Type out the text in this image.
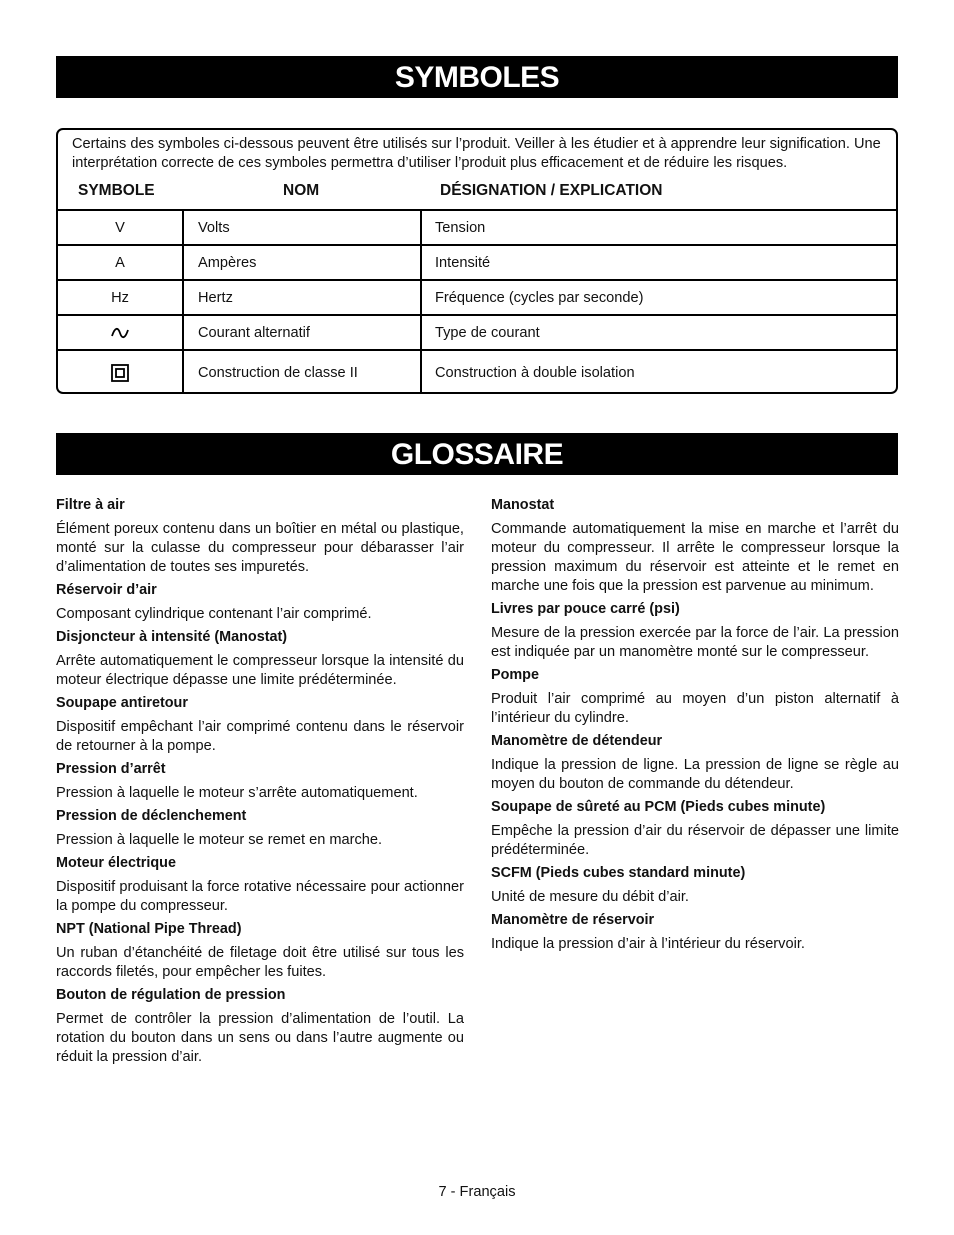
SYMBOLES
Certains des symboles ci-dessous peuvent être utilisés sur l’produit. Veiller à les étudier et à apprendre leur signification. Une interprétation correcte de ces symboles permettra d’utiliser l’produit plus efficacement et de réduire les risques.
SYMBOLE	NOM	DÉSIGNATION / EXPLICATION
V	Volts	Tension
A	Ampères	Intensité
Hz	Hertz	Fréquence (cycles par seconde)
	Courant alternatif	Type de courant
	Construction de classe II	Construction à double isolation
GLOSSAIRE
Filtre à air
Élément poreux contenu dans un boîtier en métal ou plastique, monté sur la culasse du compresseur pour débarasser l’air d’alimentation de toutes ses impuretés.
Réservoir d’air
Composant cylindrique contenant l’air comprimé.
Disjoncteur à intensité (Manostat)
Arrête automatiquement le compresseur lorsque la intensité du moteur électrique dépasse une limite prédéterminée.
Soupape antiretour
Dispositif empêchant l’air comprimé contenu dans le réservoir de retourner à la pompe.
Pression d’arrêt
Pression à laquelle le moteur s’arrête automatiquement.
Pression de déclenchement
Pression à laquelle le moteur se remet en marche.
Moteur électrique
Dispositif produisant la force rotative nécessaire pour actionner la pompe du compresseur.
NPT (National Pipe Thread)
Un ruban d’étanchéité de filetage doit être utilisé sur tous les raccords filetés, pour empêcher les fuites.
Bouton de régulation de pression
Permet de contrôler la pression d’alimentation de l’outil. La rotation du bouton dans un sens ou dans l’autre augmente ou réduit la pression d’air.
Manostat
Commande automatiquement la mise en marche et l’arrêt du moteur du compresseur. Il arrête le compresseur lorsque la pression maximum du réservoir est atteinte et le remet en marche une fois que la pression est parvenue au minimum.
Livres par pouce carré (psi)
Mesure de la pression exercée par la force de l’air. La pression est indiquée par un manomètre monté sur le compresseur.
Pompe
Produit l’air comprimé au moyen d’un piston alternatif à l’intérieur du cylindre.
Manomètre de détendeur
Indique la pression de ligne. La pression de ligne se règle au moyen du bouton de commande du détendeur.
Soupape de sûreté au PCM (Pieds cubes minute)
Empêche la pression d’air du réservoir de dépasser une limite prédéterminée.
SCFM (Pieds cubes standard minute)
Unité de mesure du débit d’air.
Manomètre de réservoir
Indique la pression d’air à l’intérieur du réservoir.
7 - Français
